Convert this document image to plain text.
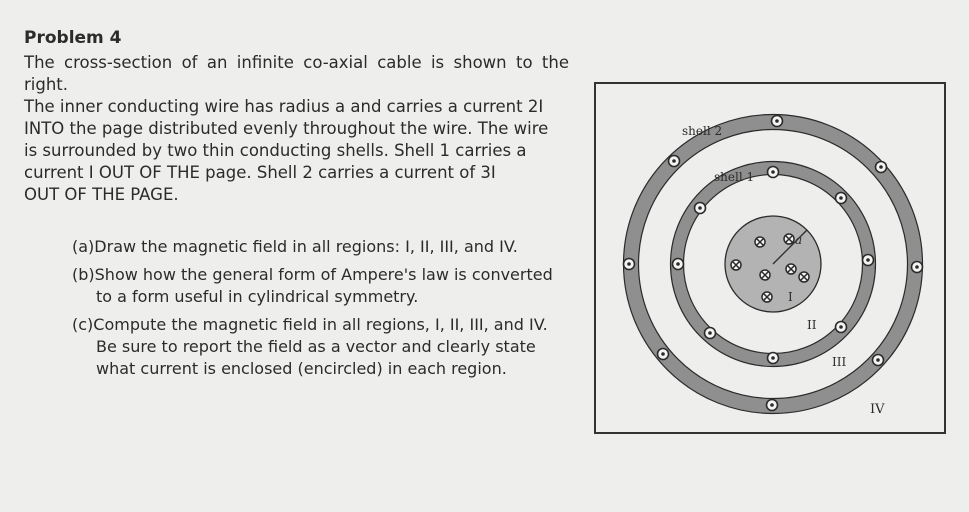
Problem 4

The cross-section of an infinite co-axial cable is shown to the right.

The inner conducting wire has radius a and carries a current 2I

INTO the page distributed evenly throughout the wire. The wire

is surrounded by two thin conducting shells. Shell 1 carries a

current I OUT OF THE page. Shell 2 carries a current of 3I

OUT OF THE PAGE.

(a)Draw the magnetic field in all regions: I, II, III, and IV.

(b)Show how the general form of Ampere's law is converted to a form useful in cylindrical symmetry.

(c)Compute the magnetic field in all regions, I, II, III, and IV. Be sure to report the field as a vector and clearly state what current is enclosed (encircled) in each region.

a
shell 2
shell 1
I
II
III
IV
